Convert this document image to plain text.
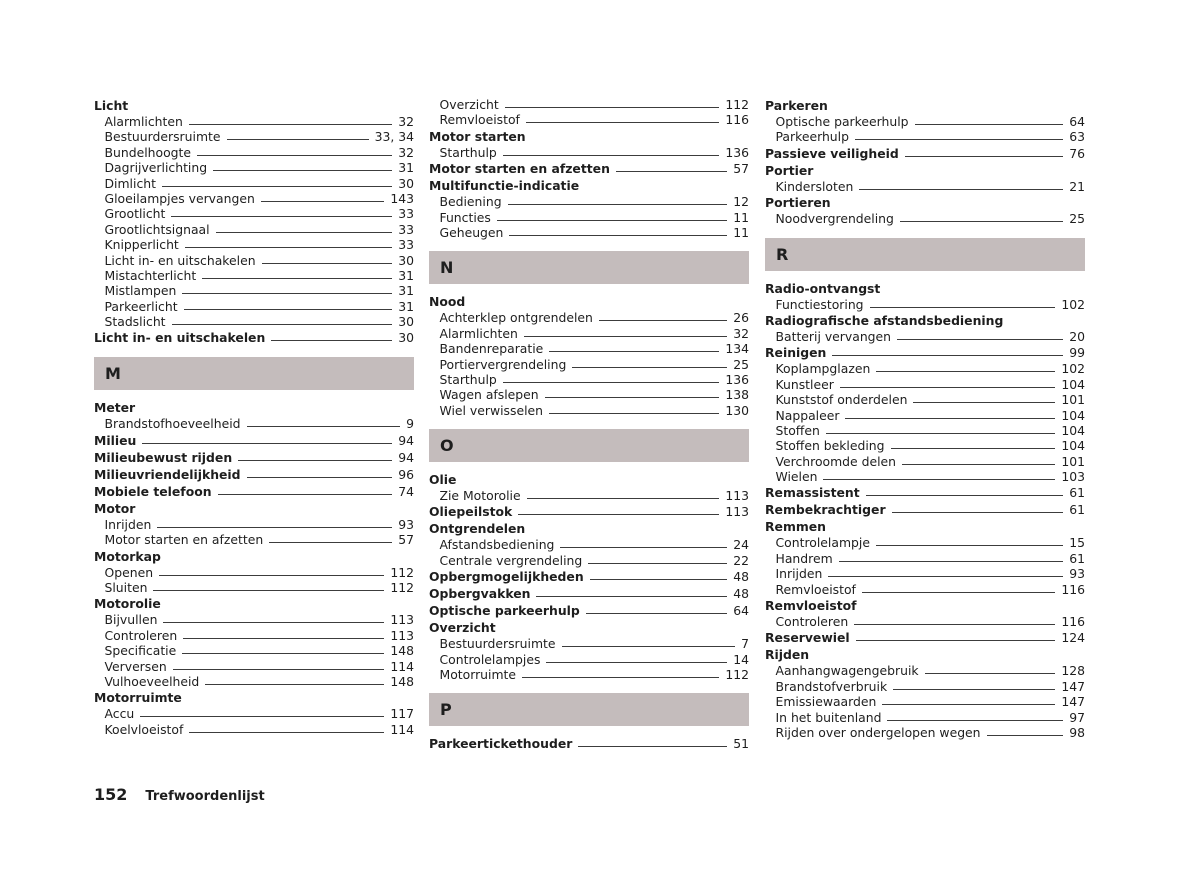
Licht
Alarmlichten	32
Bestuurdersruimte	33, 34
Bundelhoogte	32
Dagrijverlichting	31
Dimlicht	30
Gloeilampjes vervangen	143
Grootlicht	33
Grootlichtsignaal	33
Knipperlicht	33
Licht in- en uitschakelen	30
Mistachterlicht	31
Mistlampen	31
Parkeerlicht	31
Stadslicht	30
Licht in- en uitschakelen	30
M
Meter
Brandstofhoeveelheid	9
Milieu	94
Milieubewust rijden	94
Milieuvriendelijkheid	96
Mobiele telefoon	74
Motor
Inrijden	93
Motor starten en afzetten	57
Motorkap
Openen	112
Sluiten	112
Motorolie
Bijvullen	113
Controleren	113
Specificatie	148
Verversen	114
Vulhoeveelheid	148
Motorruimte
Accu	117
Koelvloeistof	114
Overzicht	112
Remvloeistof	116
Motor starten
Starthulp	136
Motor starten en afzetten	57
Multifunctie-indicatie
Bediening	12
Functies	11
Geheugen	11
N
Nood
Achterklep ontgrendelen	26
Alarmlichten	32
Bandenreparatie	134
Portiervergrendeling	25
Starthulp	136
Wagen afslepen	138
Wiel verwisselen	130
O
Olie
Zie Motorolie	113
Oliepeilstok	113
Ontgrendelen
Afstandsbediening	24
Centrale vergrendeling	22
Opbergmogelijkheden	48
Opbergvakken	48
Optische parkeerhulp	64
Overzicht
Bestuurdersruimte	7
Controlelampjes	14
Motorruimte	112
P
Parkeertickethouder	51
Parkeren
Optische parkeerhulp	64
Parkeerhulp	63
Passieve veiligheid	76
Portier
Kindersloten	21
Portieren
Noodvergrendeling	25
R
Radio-ontvangst
Functiestoring	102
Radiografische afstandsbediening
Batterij vervangen	20
Reinigen	99
Koplampglazen	102
Kunstleer	104
Kunststof onderdelen	101
Nappaleer	104
Stoffen	104
Stoffen bekleding	104
Verchroomde delen	101
Wielen	103
Remassistent	61
Rembekrachtiger	61
Remmen
Controlelampje	15
Handrem	61
Inrijden	93
Remvloeistof	116
Remvloeistof
Controleren	116
Reservewiel	124
Rijden
Aanhangwagengebruik	128
Brandstofverbruik	147
Emissiewaarden	147
In het buitenland	97
Rijden over ondergelopen wegen	98
152 Trefwoordenlijst
